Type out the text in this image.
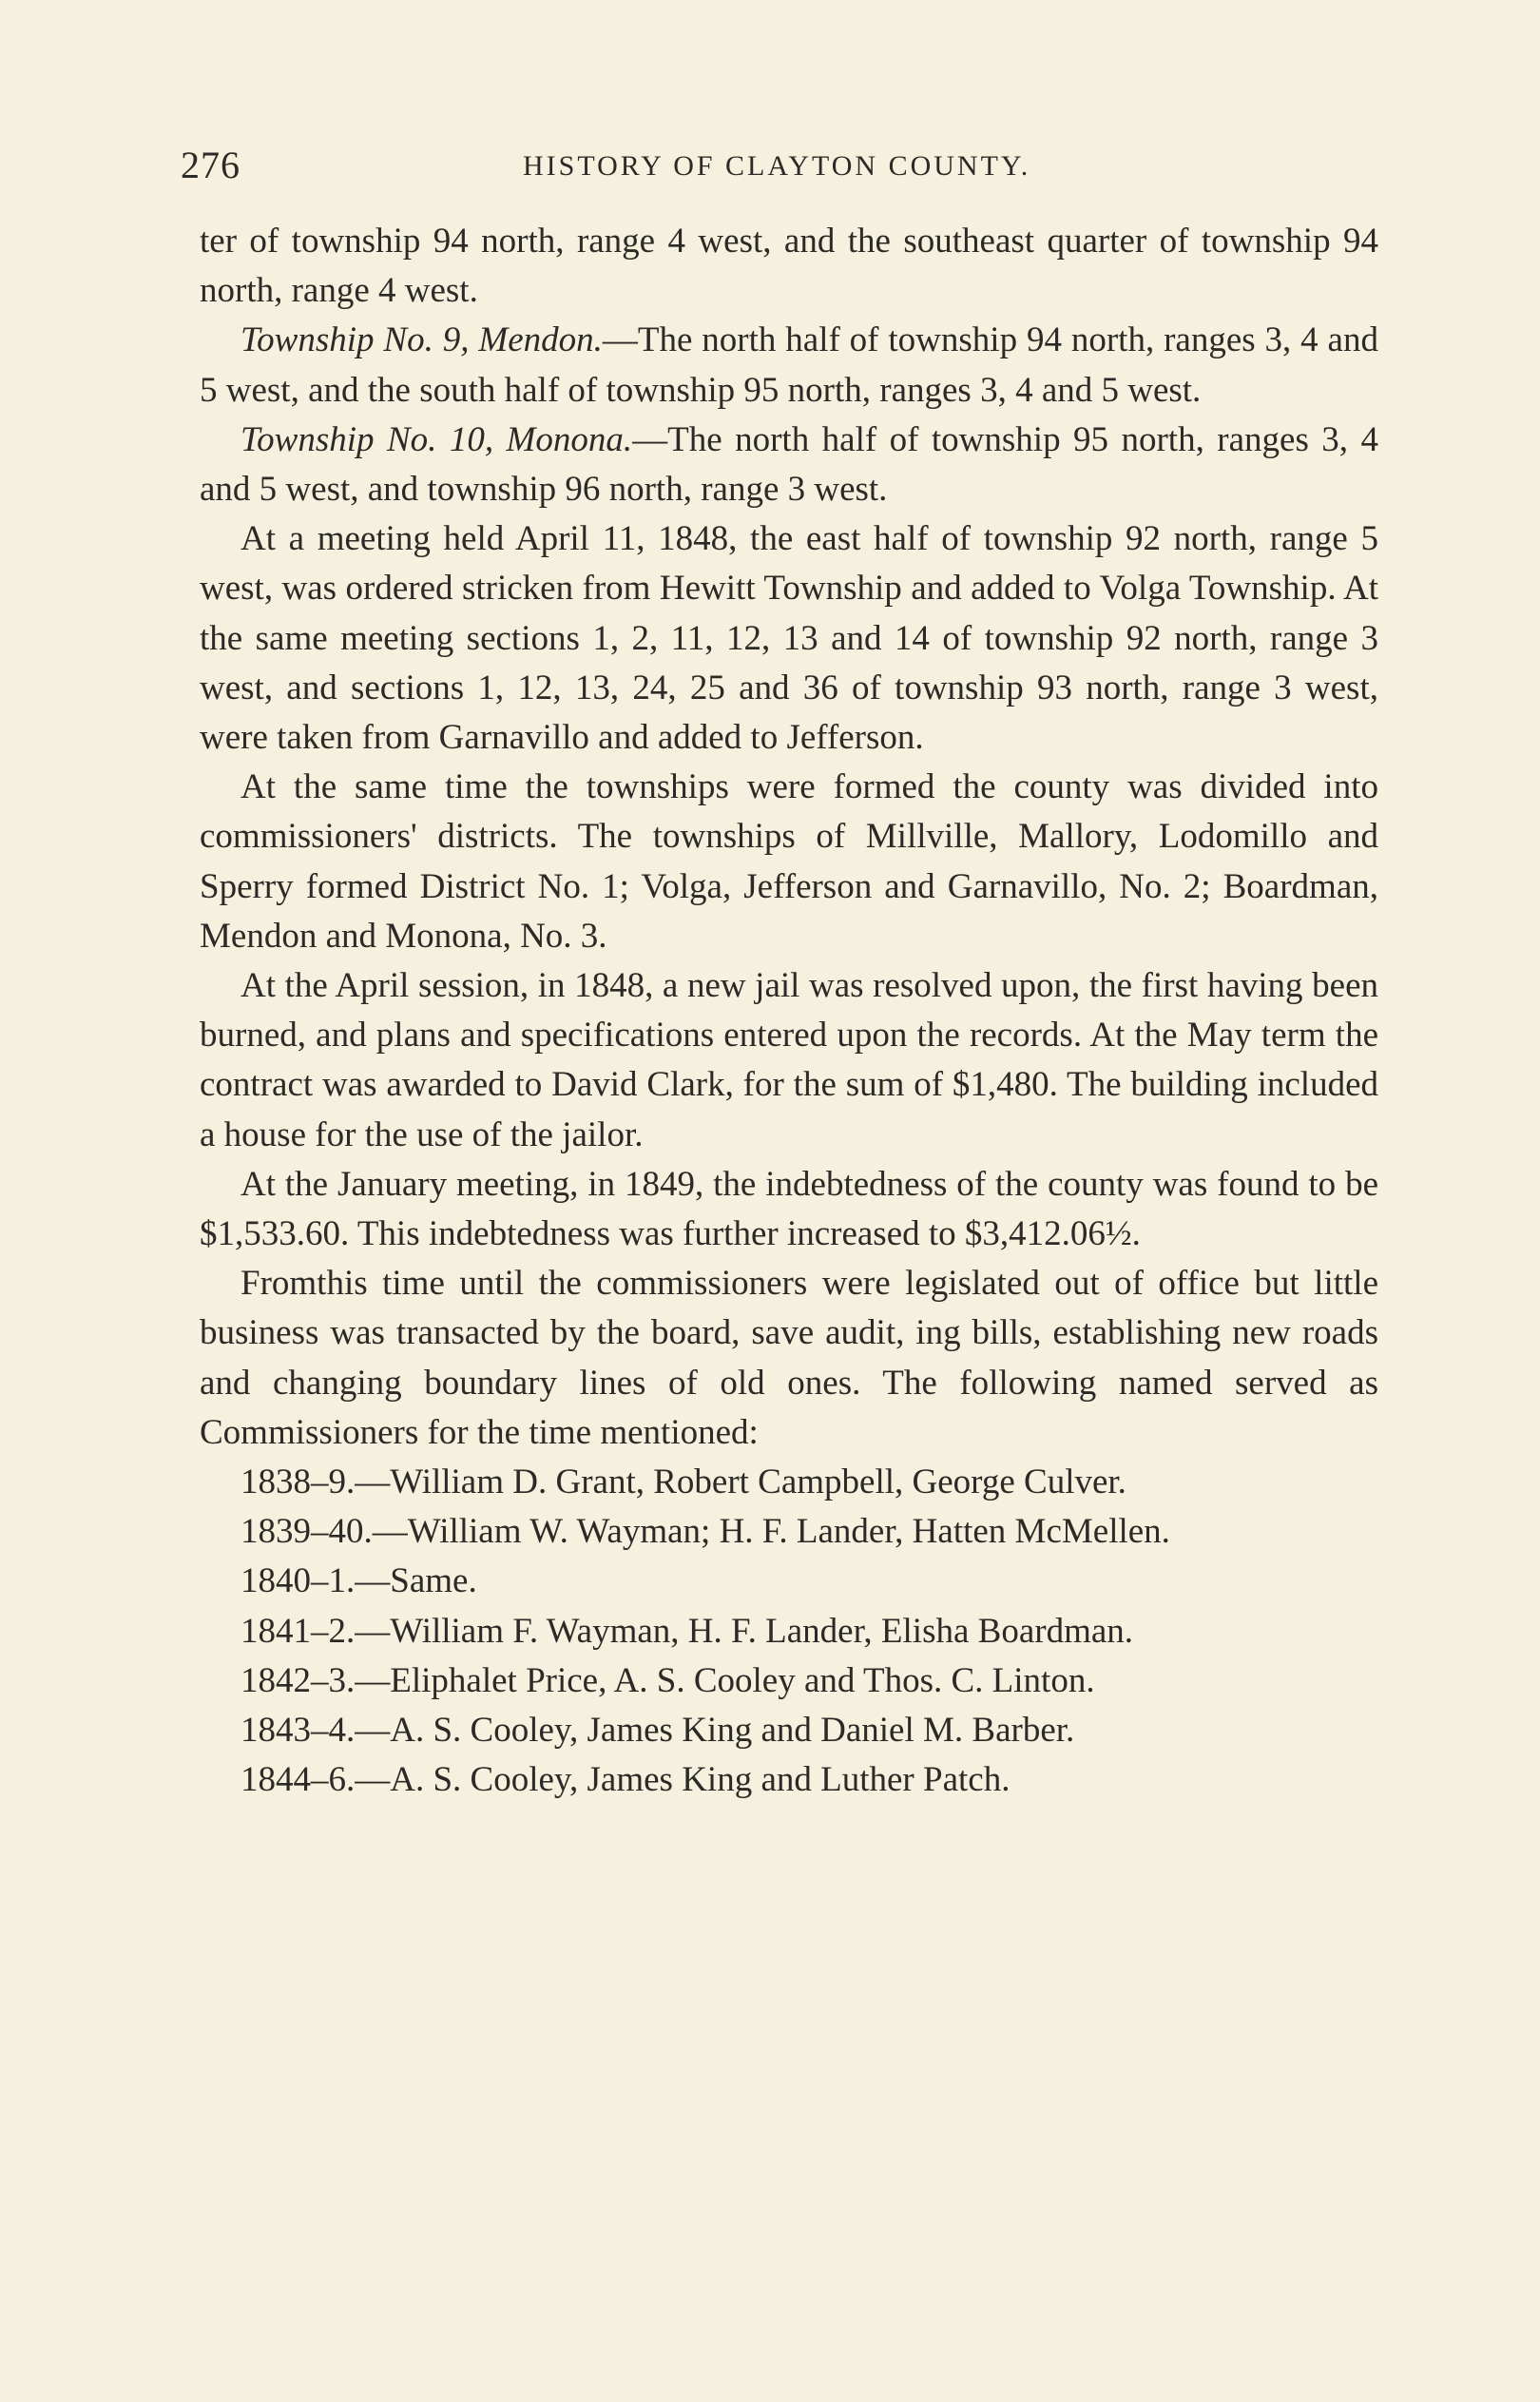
276	HISTORY OF CLAYTON COUNTY.

ter of township 94 north, range 4 west, and the southeast quarter of township 94 north, range 4 west.

Township No. 9, Mendon.—The north half of township 94 north, ranges 3, 4 and 5 west, and the south half of township 95 north, ranges 3, 4 and 5 west.

Township No. 10, Monona.—The north half of township 95 north, ranges 3, 4 and 5 west, and township 96 north, range 3 west.

At a meeting held April 11, 1848, the east half of township 92 north, range 5 west, was ordered stricken from Hewitt Township and added to Volga Township. At the same meeting sections 1, 2, 11, 12, 13 and 14 of township 92 north, range 3 west, and sections 1, 12, 13, 24, 25 and 36 of township 93 north, range 3 west, were taken from Garnavillo and added to Jefferson.

At the same time the townships were formed the county was divided into commissioners' districts. The townships of Millville, Mallory, Lodomillo and Sperry formed District No. 1; Volga, Jefferson and Garnavillo, No. 2; Boardman, Mendon and Monona, No. 3.

At the April session, in 1848, a new jail was resolved upon, the first having been burned, and plans and specifications entered upon the records. At the May term the contract was awarded to David Clark, for the sum of $1,480. The building included a house for the use of the jailor.

At the January meeting, in 1849, the indebtedness of the county was found to be $1,533.60. This indebtedness was further increased to $3,412.06½.

Fromthis time until the commissioners were legislated out of office but little business was transacted by the board, save audit, ing bills, establishing new roads and changing boundary lines of old ones. The following named served as Commissioners for the time mentioned:

1838–9.—William D. Grant, Robert Campbell, George Culver.
1839–40.—William W. Wayman; H. F. Lander, Hatten McMellen.
1840–1.—Same.
1841–2.—William F. Wayman, H. F. Lander, Elisha Boardman.
1842–3.—Eliphalet Price, A. S. Cooley and Thos. C. Linton.
1843–4.—A. S. Cooley, James King and Daniel M. Barber.
1844–6.—A. S. Cooley, James King and Luther Patch.
